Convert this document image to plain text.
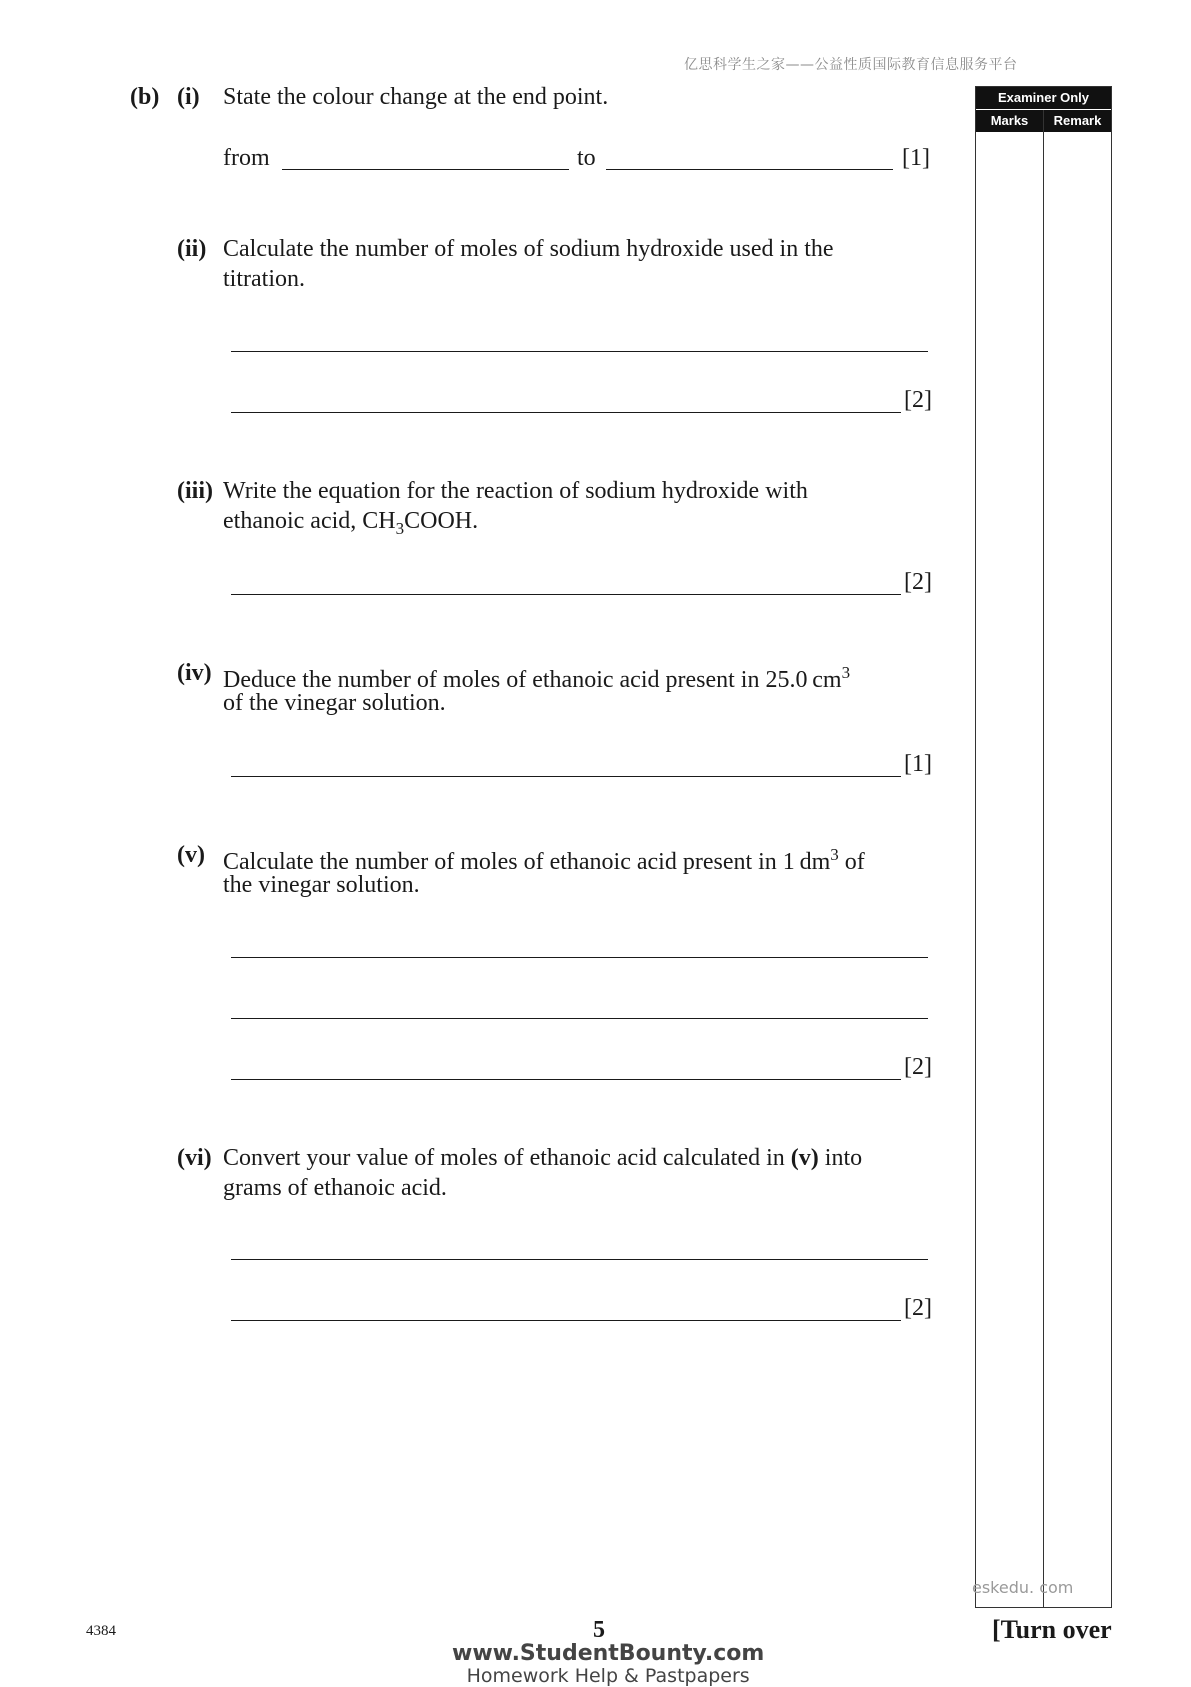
亿思科学生之家——公益性质国际教育信息服务平台
Examiner Only
Marks	Remark
(b) (i) State the colour change at the end point.
from	to	[1]
(ii) Calculate the number of moles of sodium hydroxide used in the
titration.
[2]
(iii) Write the equation for the reaction of sodium hydroxide with
ethanoic acid, $CH_3COOH$.
[2]
(iv) Deduce the number of moles of ethanoic acid present in 25.0 $cm^3$
of the vinegar solution.
[1]
(v) Calculate the number of moles of ethanoic acid present in 1 $dm^3$ of
the vinegar solution.
[2]
(vi) Convert your value of moles of ethanoic acid calculated in (v) into
grams of ethanoic acid.
[2]
eskedu. com
4384	5	[Turn over
www.StudentBounty.com
Homework Help & Pastpapers
